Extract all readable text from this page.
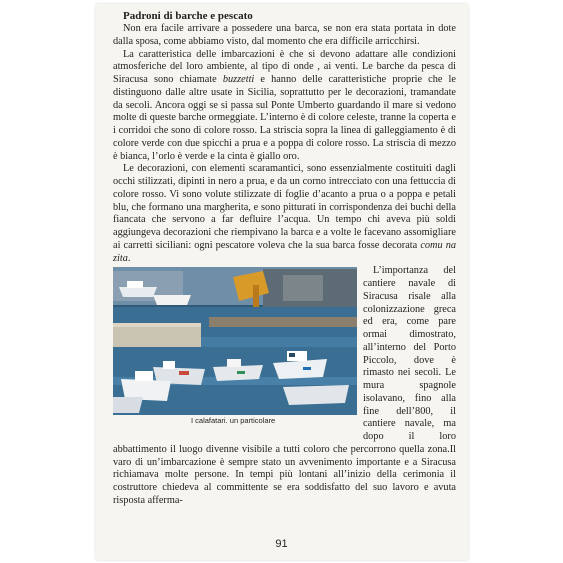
Padroni di barche e pescato

Non era facile arrivare a possedere una barca, se non era stata portata in dote dalla sposa, come abbiamo visto, dal momento che era difficile arricchirsi.

La caratteristica delle imbarcazioni è che si devono adattare alle condizioni atmosferiche del loro ambiente, al tipo di onde , ai venti. Le barche da pesca di Siracusa sono chiamate buzzetti e hanno delle caratteristiche proprie che le distinguono dalle altre usate in Sicilia, soprattutto per le decorazioni, tramandate da secoli. Ancora oggi se si passa sul Ponte Umberto guardando il mare si vedono molte di queste barche ormeggiate. L’interno è di colore celeste, tranne la coperta e i corridoi che sono di colore rosso. La striscia sopra la linea di galleggiamento è di colore verde con due spicchi a prua e a poppa di colore rosso. La striscia di mezzo è bianca, l’orlo è verde e la cinta è giallo oro.

Le decorazioni, con elementi scaramantici, sono essenzialmente costituiti dagli occhi stilizzati, dipinti in nero a prua, e da un corno intrecciato con una fettuccia di colore rosso. Vi sono volute stilizzate di foglie d’acanto a prua o a poppa e petali blu, che formano una margherita, e sono pitturati in corrispondenza dei buchi della fiancata che servono a far defluire l’acqua. Un tempo chi aveva più soldi aggiungeva decorazioni che riempivano la barca e a volte le facevano assomigliare ai carretti siciliani: ogni pescatore voleva che la sua barca fosse decorata comu na zita.

I calafatari. un particolare

L’importanza del cantiere navale di Siracusa risale alla colonizzazione greca ed era, come pare ormai dimostrato, all’interno del Porto Piccolo, dove è rimasto nei secoli. Le mura spagnole isolavano, fino alla fine dell’800, il cantiere navale, ma dopo il loro abbattimento il luogo divenne visibile a tutti coloro che percorrono quella zona.Il varo di un’imbarcazione è sempre stato un avvenimento importante e a Siracusa richiamava molte persone. In tempi più lontani all’inizio della cerimonia il costruttore chiedeva al committente se era soddisfatto del suo lavoro e avuta risposta afferma-

91
